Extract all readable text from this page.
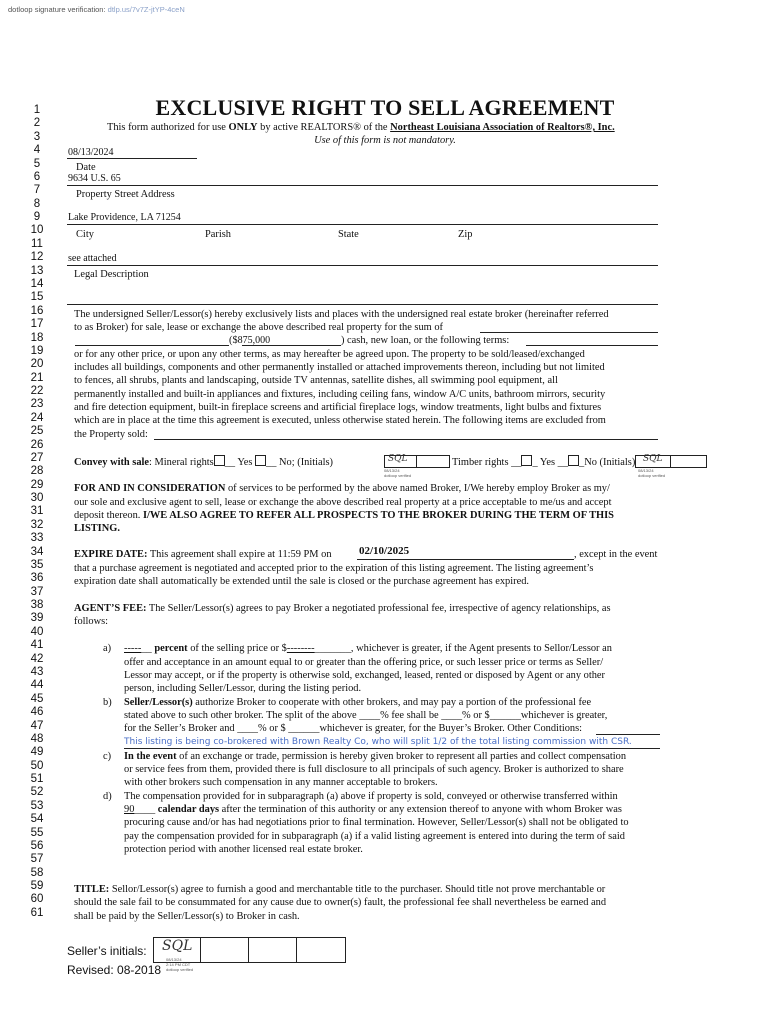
dotloop signature verification: dtlp.us/7v7Z-jtYP-4ceN
1
2
3
4
5
6
7
8
9
10
11
12
13
14
15
16
17
18
19
20
21
22
23
24
25
26
27
28
29
30
31
32
33
34
35
36
37
38
39
40
41
42
43
44
45
46
47
48
49
50
51
52
53
54
55
56
57
58
59
60
61
EXCLUSIVE RIGHT TO SELL AGREEMENT
This form authorized for use ONLY by active REALTORS® of the Northeast Louisiana Association of Realtors®, Inc.
Use of this form is not mandatory.
08/13/2024
Date
9634 U.S. 65
Property Street Address
Lake Providence, LA 71254
City	Parish	State	Zip
see attached
Legal Description
The undersigned Seller/Lessor(s) hereby exclusively lists and places with the undersigned real estate broker (hereinafter referred
to as Broker) for sale, lease or exchange the above described real property for the sum of
($875,000	) cash, new loan, or the following terms:
or for any other price, or upon any other terms, as may hereafter be agreed upon. The property to be sold/leased/exchanged
includes all buildings, components and other permanently installed or attached improvements thereon, including but not limited
to fences, all shrubs, plants and landscaping, outside TV antennas, satellite dishes, all swimming pool equipment, all
permanently installed and built-in appliances and fixtures, including ceiling fans, window A/C units, bathroom mirrors, security
and fire detection equipment, built-in fireplace screens and artificial fireplace logs, window treatments, light bulbs and fixtures
which are in place at the time this agreement is executed, unless otherwise stated herein. The following items are excluded from
the Property sold:
Convey with sale: Mineral rights __ Yes __ No; (Initials)	SQL
08/13/24
dotloop verified
Timber rights __ _ Yes __ _No (Initials) SQL
08/13/24
dotloop verified
FOR AND IN CONSIDERATION of services to be performed by the above named Broker, I/We hereby employ Broker as my/
our sole and exclusive agent to sell, lease or exchange the above described real property at a price acceptable to me/us and accept
deposit thereon. I/WE ALSO AGREE TO REFER ALL PROSPECTS TO THE BROKER DURING THE TERM OF THIS
LISTING.
EXPIRE DATE: This agreement shall expire at 11:59 PM on 02/10/2025	, except in the event
that a purchase agreement is negotiated and accepted prior to the expiration of this listing agreement. The listing agreement’s
expiration date shall automatically be extended until the sale is closed or the purchase agreement has expired.
AGENT’S FEE: The Seller/Lessor(s) agrees to pay Broker a negotiated professional fee, irrespective of agency relationships, as
follows:
a) -----__ percent of the selling price or $--------_______, whichever is greater, if the Agent presents to Sellor/Lessor an
offer and acceptance in an amount equal to or greater than the offering price, or such lesser price or terms as Seller/
Lessor may accept, or if the property is otherwise sold, exchanged, leased, rented or disposed by Agent or any other
person, including Seller/Lessor, during the listing period.
b) Seller/Lessor(s) authorize Broker to cooperate with other brokers, and may pay a portion of the professional fee
stated above to such other broker. The split of the above ____% fee shall be ____% or $______whichever is greater,
for the Seller’s Broker and ____% or $ ______whichever is greater, for the Buyer’s Broker. Other Conditions:
This listing is being co-brokered with Brown Realty Co, who will split 1/2 of the total listing commission with CSR.
c) In the event of an exchange or trade, permission is hereby given broker to represent all parties and collect compensation
or service fees from them, provided there is full disclosure to all principals of such agency. Broker is authorized to share
with other brokers such compensation in any manner acceptable to brokers.
d) The compensation provided for in subparagraph (a) above if property is sold, conveyed or otherwise transferred within
90____ calendar days after the termination of this authority or any extension thereof to anyone with whom Broker was
procuring cause and/or has had negotiations prior to final termination. However, Seller/Lessor(s) shall not be obligated to
pay the compensation provided for in subparagraph (a) if a valid listing agreement is entered into during the term of said
protection period with another licensed real estate broker.
TITLE: Sellor/Lessor(s) agree to furnish a good and merchantable title to the purchaser. Should title not prove merchantable or
should the sale fail to be consummated for any cause due to owner(s) fault, the professional fee shall nevertheless be earned and
shall be paid by the Seller/Lessor(s) to Broker in cash.
Seller’s initials: SQL
08/13/24
2:14 PM CDT
dotloop verified
Revised: 08-2018
